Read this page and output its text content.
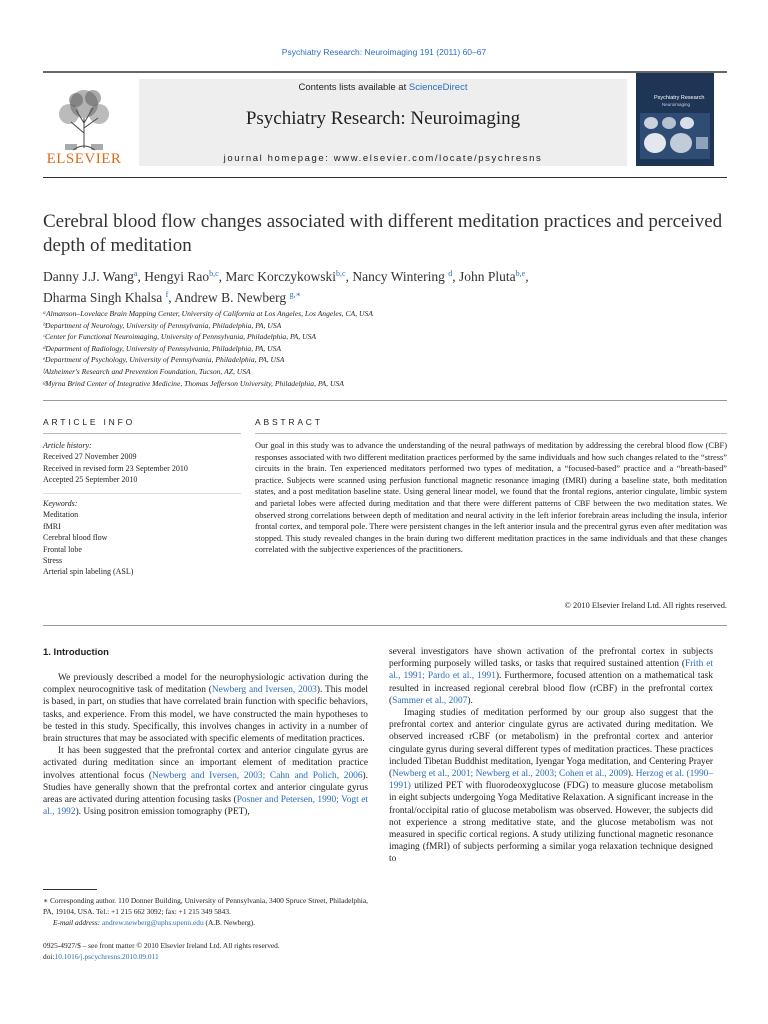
Psychiatry Research: Neuroimaging 191 (2011) 60–67
ELSEVIER
Contents lists available at ScienceDirect
Psychiatry Research: Neuroimaging
journal homepage: www.elsevier.com/locate/psychresns
Psychiatry Research
Neuroimaging
Cerebral blood flow changes associated with different meditation practices and perceived depth of meditation
Danny J.J. Wang$^a$, Hengyi Rao$^{b,c}$, Marc Korczykowski$^{b,c}$, Nancy Wintering $^d$, John Pluta$^{b,e}$,
Dharma Singh Khalsa $^f$, Andrew B. Newberg $^{g,∗}$
ᵃAlmanson–Lovelace Brain Mapping Center, University of California at Los Angeles, Los Angeles, CA, USA
ᵇDepartment of Neurology, University of Pennsylvania, Philadelphia, PA, USA
ᶜCenter for Functional Neuroimaging, University of Pennsylvania, Philadelphia, PA, USA
ᵈDepartment of Radiology, University of Pennsylvania, Philadelphia, PA, USA
ᵉDepartment of Psychology, University of Pennsylvania, Philadelphia, PA, USA
ᶠAlzheimer's Research and Prevention Foundation, Tucson, AZ, USA
ᵍMyrna Brind Center of Integrative Medicine, Thomas Jefferson University, Philadelphia, PA, USA
ARTICLE INFO
Article history:
Received 27 November 2009
Received in revised form 23 September 2010
Accepted 25 September 2010
Keywords:
Meditation
fMRI
Cerebral blood flow
Frontal lobe
Stress
Arterial spin labeling (ASL)
ABSTRACT
Our goal in this study was to advance the understanding of the neural pathways of meditation by addressing the cerebral blood flow (CBF) responses associated with two different meditation practices performed by the same individuals and how such changes related to the “stress” circuits in the brain. Ten experienced meditators performed two types of meditation, a “focused-based” practice and a “breath-based” practice. Subjects were scanned using perfusion functional magnetic resonance imaging (fMRI) during a baseline state, both meditation states, and a post meditation baseline state. Using general linear model, we found that the frontal regions, anterior cingulate, limbic system and parietal lobes were affected during meditation and that there were different patterns of CBF between the two meditation states. We observed strong correlations between depth of meditation and neural activity in the left inferior forebrain areas including the insula, inferior frontal cortex, and temporal pole. There were persistent changes in the left anterior insula and the precentral gyrus even after meditation was stopped. This study revealed changes in the brain during two different meditation practices in the same individuals and that these changes correlated with the subjective experiences of the practitioners.
© 2010 Elsevier Ireland Ltd. All rights reserved.
1. Introduction

We previously described a model for the neurophysiologic activation during the complex neurocognitive task of meditation (Newberg and Iversen, 2003). This model is based, in part, on studies that have correlated brain function with specific behaviors, tasks, and experience. From this model, we have constructed the main hypotheses to be tested in this study. Specifically, this involves changes in activity in a number of brain structures that may be associated with specific elements of meditation practices.

It has been suggested that the prefrontal cortex and anterior cingulate gyrus are activated during meditation since an important element of meditation practice involves attentional focus (Newberg and Iversen, 2003; Cahn and Polich, 2006). Studies have generally shown that the prefrontal cortex and anterior cingulate gyrus areas are activated during attention focusing tasks (Posner and Petersen, 1990; Vogt et al., 1992). Using positron emission tomography (PET),

several investigators have shown activation of the prefrontal cortex in subjects performing purposely willed tasks, or tasks that required sustained attention (Frith et al., 1991; Pardo et al., 1991). Furthermore, focused attention on a mathematical task resulted in increased regional cerebral blood flow (rCBF) in the prefrontal cortex (Sammer et al., 2007).

Imaging studies of meditation performed by our group also suggest that the prefrontal cortex and anterior cingulate gyrus are activated during meditation. We observed increased rCBF (or metabolism) in the prefrontal cortex and anterior cingulate gyrus during several different types of meditation practices. These practices included Tibetan Buddhist meditation, Iyengar Yoga meditation, and Centering Prayer (Newberg et al., 2001; Newberg et al., 2003; Cohen et al., 2009). Herzog et al. (1990–1991) utilized PET with fluorodeoxyglucose (FDG) to measure glucose metabolism in eight subjects undergoing Yoga Meditative Relaxation. A significant increase in the frontal/occipital ratio of glucose metabolism was observed. However, the subjects did not experience a strong meditative state, and the glucose metabolism was not measured in specific cortical regions. A study utilizing functional magnetic resonance imaging (fMRI) of subjects performing a similar yoga relaxation technique designed to

∗ Corresponding author. 110 Donner Building, University of Pennsylvania, 3400 Spruce Street, Philadelphia, PA, 19104, USA. Tel.: +1 215 662 3092; fax: +1 215 349 5843.
E-mail address: andrew.newberg@uphs.upenn.edu (A.B. Newberg).
0925-4927/$ – see front matter © 2010 Elsevier Ireland Ltd. All rights reserved.
doi:10.1016/j.pscychresns.2010.09.011
